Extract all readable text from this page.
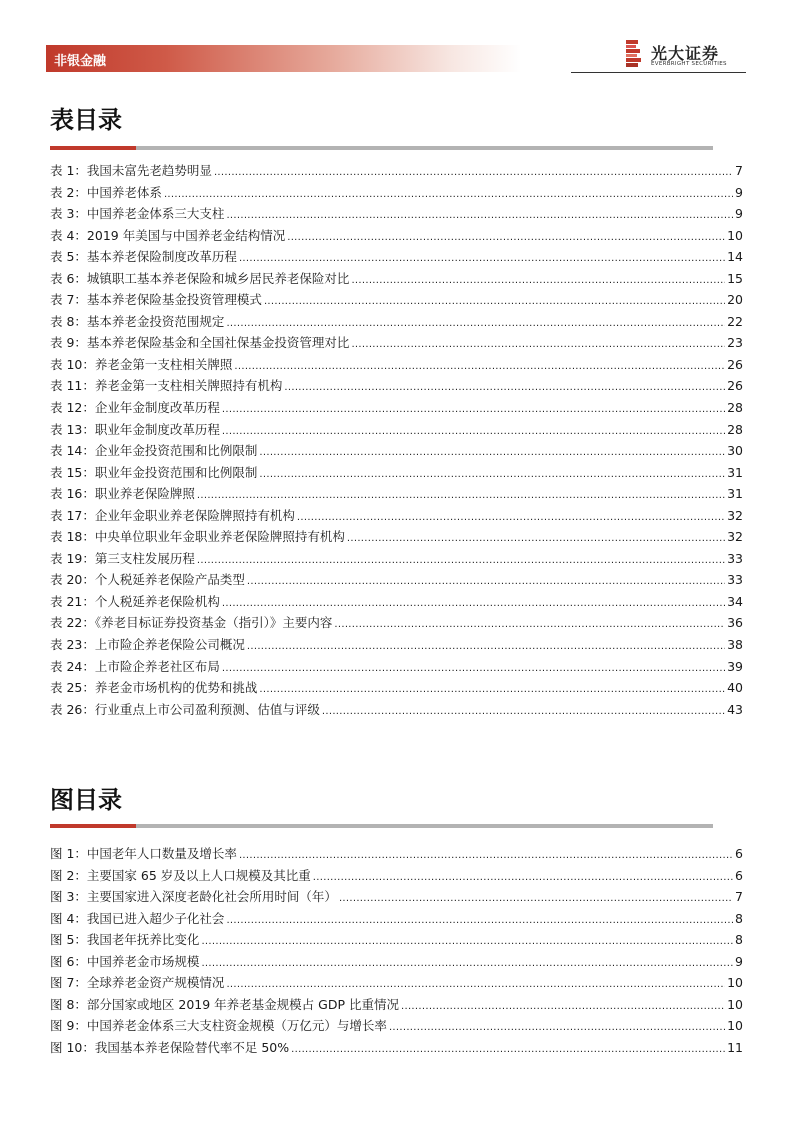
非银金融	光大证券
EVERBRIGHT SECURITIES
表目录
表 1：我国未富先老趋势明显 .....	7
表 2：中国养老体系 .....	9
表 3：中国养老金体系三大支柱 .....	9
表 4：2019 年美国与中国养老金结构情况 .....	10
表 5：基本养老保险制度改革历程 .....	14
表 6：城镇职工基本养老保险和城乡居民养老保险对比 .....	15
表 7：基本养老保险基金投资管理模式 .....	20
表 8：基本养老金投资范围规定 .....	22
表 9：基本养老保险基金和全国社保基金投资管理对比 .....	23
表 10：养老金第一支柱相关牌照 .....	26
表 11：养老金第一支柱相关牌照持有机构 .....	26
表 12：企业年金制度改革历程 .....	28
表 13：职业年金制度改革历程 .....	28
表 14：企业年金投资范围和比例限制 .....	30
表 15：职业年金投资范围和比例限制 .....	31
表 16：职业养老保险牌照 .....	31
表 17：企业年金职业养老保险牌照持有机构 .....	32
表 18：中央单位职业年金职业养老保险牌照持有机构 .....	32
表 19：第三支柱发展历程 .....	33
表 20：个人税延养老保险产品类型 .....	33
表 21：个人税延养老保险机构 .....	34
表 22：《养老目标证券投资基金（指引）》主要内容 .....	36
表 23：上市险企养老保险公司概况 .....	38
表 24：上市险企养老社区布局 .....	39
表 25：养老金市场机构的优势和挑战 .....	40
表 26：行业重点上市公司盈利预测、估值与评级 .....	43
图目录
图 1：中国老年人口数量及增长率 .....	6
图 2：主要国家 65 岁及以上人口规模及其比重 .....	6
图 3：主要国家进入深度老龄化社会所用时间（年） .....	7
图 4：我国已进入超少子化社会 .....	8
图 5：我国老年抚养比变化 .....	8
图 6：中国养老金市场规模 .....	9
图 7：全球养老金资产规模情况 .....	10
图 8：部分国家或地区 2019 年养老基金规模占 GDP 比重情况 .....	10
图 9：中国养老金体系三大支柱资金规模（万亿元）与增长率 .....	10
图 10：我国基本养老保险替代率不足 50% .....	11
